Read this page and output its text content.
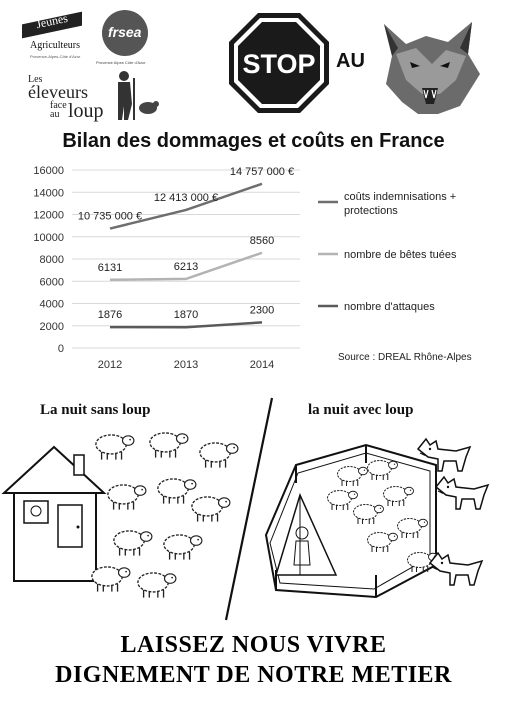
Jeunes
Agriculteurs
Provence-Alpes-Côte d'Azur
frsea
Provence Alpes Côte d'Azur
Les
éleveurs
face
au loup
STOP AU
Bilan des dommages et coûts en France
0
2000
4000
6000
8000
10000
12000
14000
16000
2012	2013	2014
10 735 000 €
12 413 000 €
14 757 000 €
coûts indemnisations + protections
6131	6213
8560
nombre de bêtes tuées
1876	1870	2300	nombre d'attaques
Source : DREAL Rhône-Alpes
La nuit sans loup	la nuit avec loup
LAISSEZ NOUS VIVRE
DIGNEMENT DE NOTRE METIER
